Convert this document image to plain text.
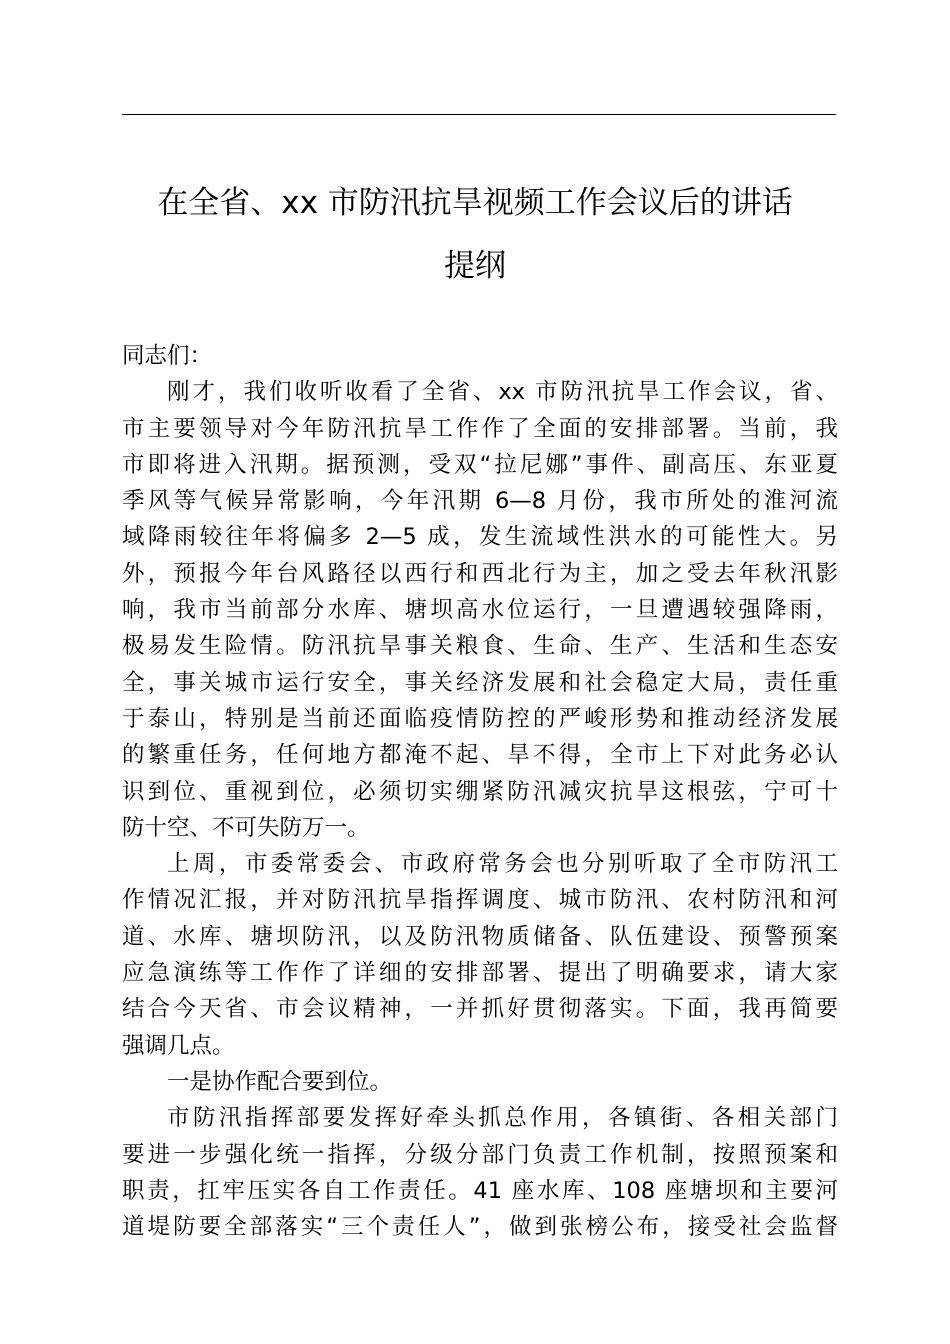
在全省、xx 市防汛抗旱视频工作会议后的讲话
提纲

同志们：

刚才，我们收听收看了全省、xx 市防汛抗旱工作会议，省、
市主要领导对今年防汛抗旱工作作了全面的安排部署。当前，我
市即将进入汛期。据预测，受双“拉尼娜”事件、副高压、东亚夏
季风等气候异常影响，今年汛期 6—8 月份，我市所处的淮河流
域降雨较往年将偏多 2—5 成，发生流域性洪水的可能性大。另
外，预报今年台风路径以西行和西北行为主，加之受去年秋汛影
响，我市当前部分水库、塘坝高水位运行，一旦遭遇较强降雨，
极易发生险情。防汛抗旱事关粮食、生命、生产、生活和生态安
全，事关城市运行安全，事关经济发展和社会稳定大局，责任重
于泰山，特别是当前还面临疫情防控的严峻形势和推动经济发展
的繁重任务，任何地方都淹不起、旱不得，全市上下对此务必认
识到位、重视到位，必须切实绷紧防汛减灾抗旱这根弦，宁可十
防十空、不可失防万一。

上周，市委常委会、市政府常务会也分别听取了全市防汛工
作情况汇报，并对防汛抗旱指挥调度、城市防汛、农村防汛和河
道、水库、塘坝防汛，以及防汛物质储备、队伍建设、预警预案
应急演练等工作作了详细的安排部署、提出了明确要求，请大家
结合今天省、市会议精神，一并抓好贯彻落实。下面，我再简要
强调几点。

一是协作配合要到位。

市防汛指挥部要发挥好牵头抓总作用，各镇街、各相关部门
要进一步强化统一指挥，分级分部门负责工作机制，按照预案和
职责，扛牢压实各自工作责任。41 座水库、108 座塘坝和主要河
道堤防要全部落实“三个责任人”，做到张榜公布，接受社会监督
